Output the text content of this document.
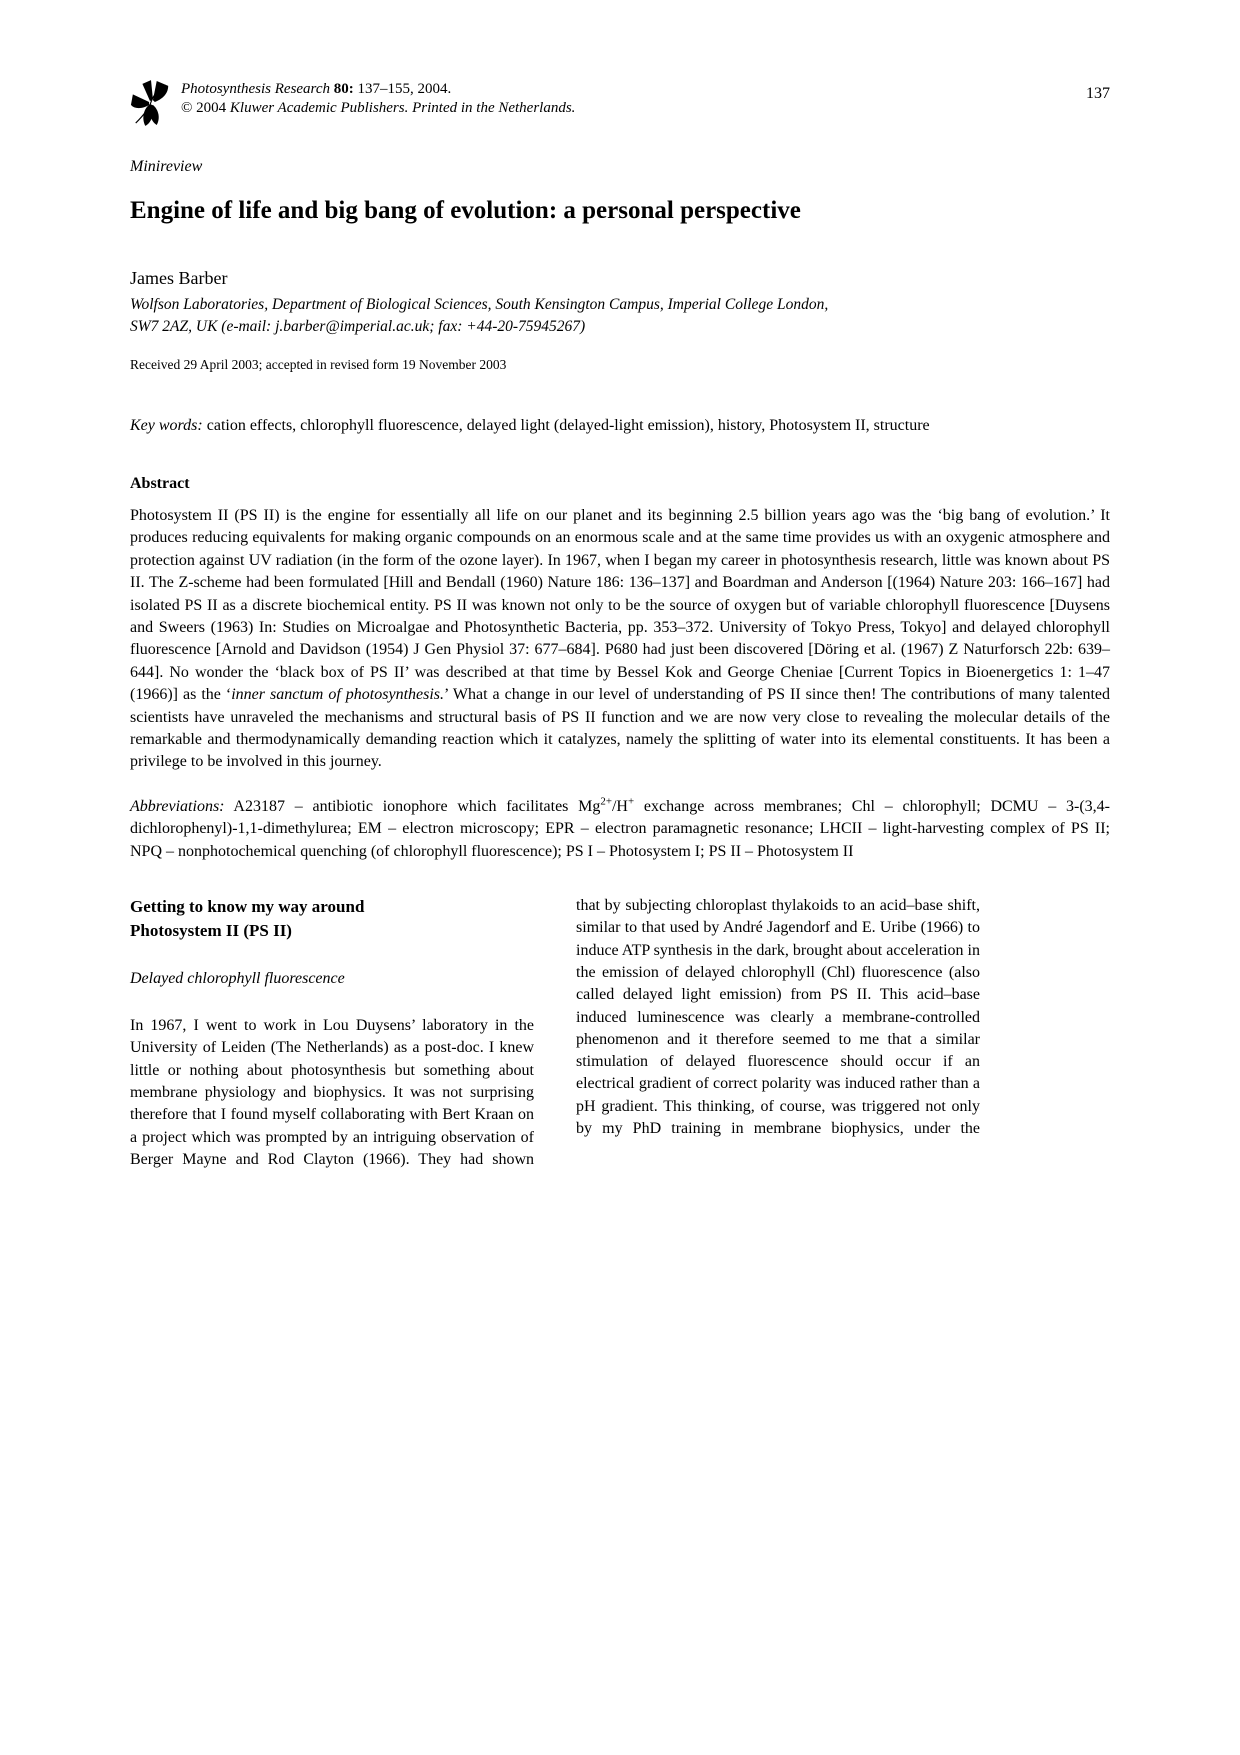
Photosynthesis Research 80: 137–155, 2004.
© 2004 Kluwer Academic Publishers. Printed in the Netherlands.
137
Minireview
Engine of life and big bang of evolution: a personal perspective
James Barber
Wolfson Laboratories, Department of Biological Sciences, South Kensington Campus, Imperial College London,
SW7 2AZ, UK (e-mail: j.barber@imperial.ac.uk; fax: +44-20-75945267)
Received 29 April 2003; accepted in revised form 19 November 2003
Key words: cation effects, chlorophyll fluorescence, delayed light (delayed-light emission), history, Photosystem II, structure
Abstract
Photosystem II (PS II) is the engine for essentially all life on our planet and its beginning 2.5 billion years ago was the ‘big bang of evolution.’ It produces reducing equivalents for making organic compounds on an enormous scale and at the same time provides us with an oxygenic atmosphere and protection against UV radiation (in the form of the ozone layer). In 1967, when I began my career in photosynthesis research, little was known about PS II. The Z-scheme had been formulated [Hill and Bendall (1960) Nature 186: 136–137] and Boardman and Anderson [(1964) Nature 203: 166–167] had isolated PS II as a discrete biochemical entity. PS II was known not only to be the source of oxygen but of variable chlorophyll fluorescence [Duysens and Sweers (1963) In: Studies on Microalgae and Photosynthetic Bacteria, pp. 353–372. University of Tokyo Press, Tokyo] and delayed chlorophyll fluorescence [Arnold and Davidson (1954) J Gen Physiol 37: 677–684]. P680 had just been discovered [Döring et al. (1967) Z Naturforsch 22b: 639–644]. No wonder the ‘black box of PS II’ was described at that time by Bessel Kok and George Cheniae [Current Topics in Bioenergetics 1: 1–47 (1966)] as the ‘inner sanctum of photosynthesis.’ What a change in our level of understanding of PS II since then! The contributions of many talented scientists have unraveled the mechanisms and structural basis of PS II function and we are now very close to revealing the molecular details of the remarkable and thermodynamically demanding reaction which it catalyzes, namely the splitting of water into its elemental constituents. It has been a privilege to be involved in this journey.
Abbreviations: A23187 – antibiotic ionophore which facilitates $Mg^{2+}/H^+$ exchange across membranes; Chl – chlorophyll; DCMU – 3-(3,4-dichlorophenyl)-1,1-dimethylurea; EM – electron microscopy; EPR – electron paramagnetic resonance; LHCII – light-harvesting complex of PS II; NPQ – nonphotochemical quenching (of chlorophyll fluorescence); PS I – Photosystem I; PS II – Photosystem II
Getting to know my way around
Photosystem II (PS II)
Delayed chlorophyll fluorescence

In 1967, I went to work in Lou Duysens’ laboratory in the University of Leiden (The Netherlands) as a post-doc. I knew little or nothing about photosynthesis but something about membrane physiology and biophysics. It was not surprising therefore that I found myself collaborating with Bert Kraan on a project which was prompted by an intriguing observation of Berger Mayne and Rod Clayton (1966). They had shown

that by subjecting chloroplast thylakoids to an acid–base shift, similar to that used by André Jagendorf and E. Uribe (1966) to induce ATP synthesis in the dark, brought about acceleration in the emission of delayed chlorophyll (Chl) fluorescence (also called delayed light emission) from PS II. This acid–base induced luminescence was clearly a membrane-controlled phenomenon and it therefore seemed to me that a similar stimulation of delayed fluorescence should occur if an electrical gradient of correct polarity was induced rather than a pH gradient. This thinking, of course, was triggered not only by my PhD training in membrane biophysics, under the
